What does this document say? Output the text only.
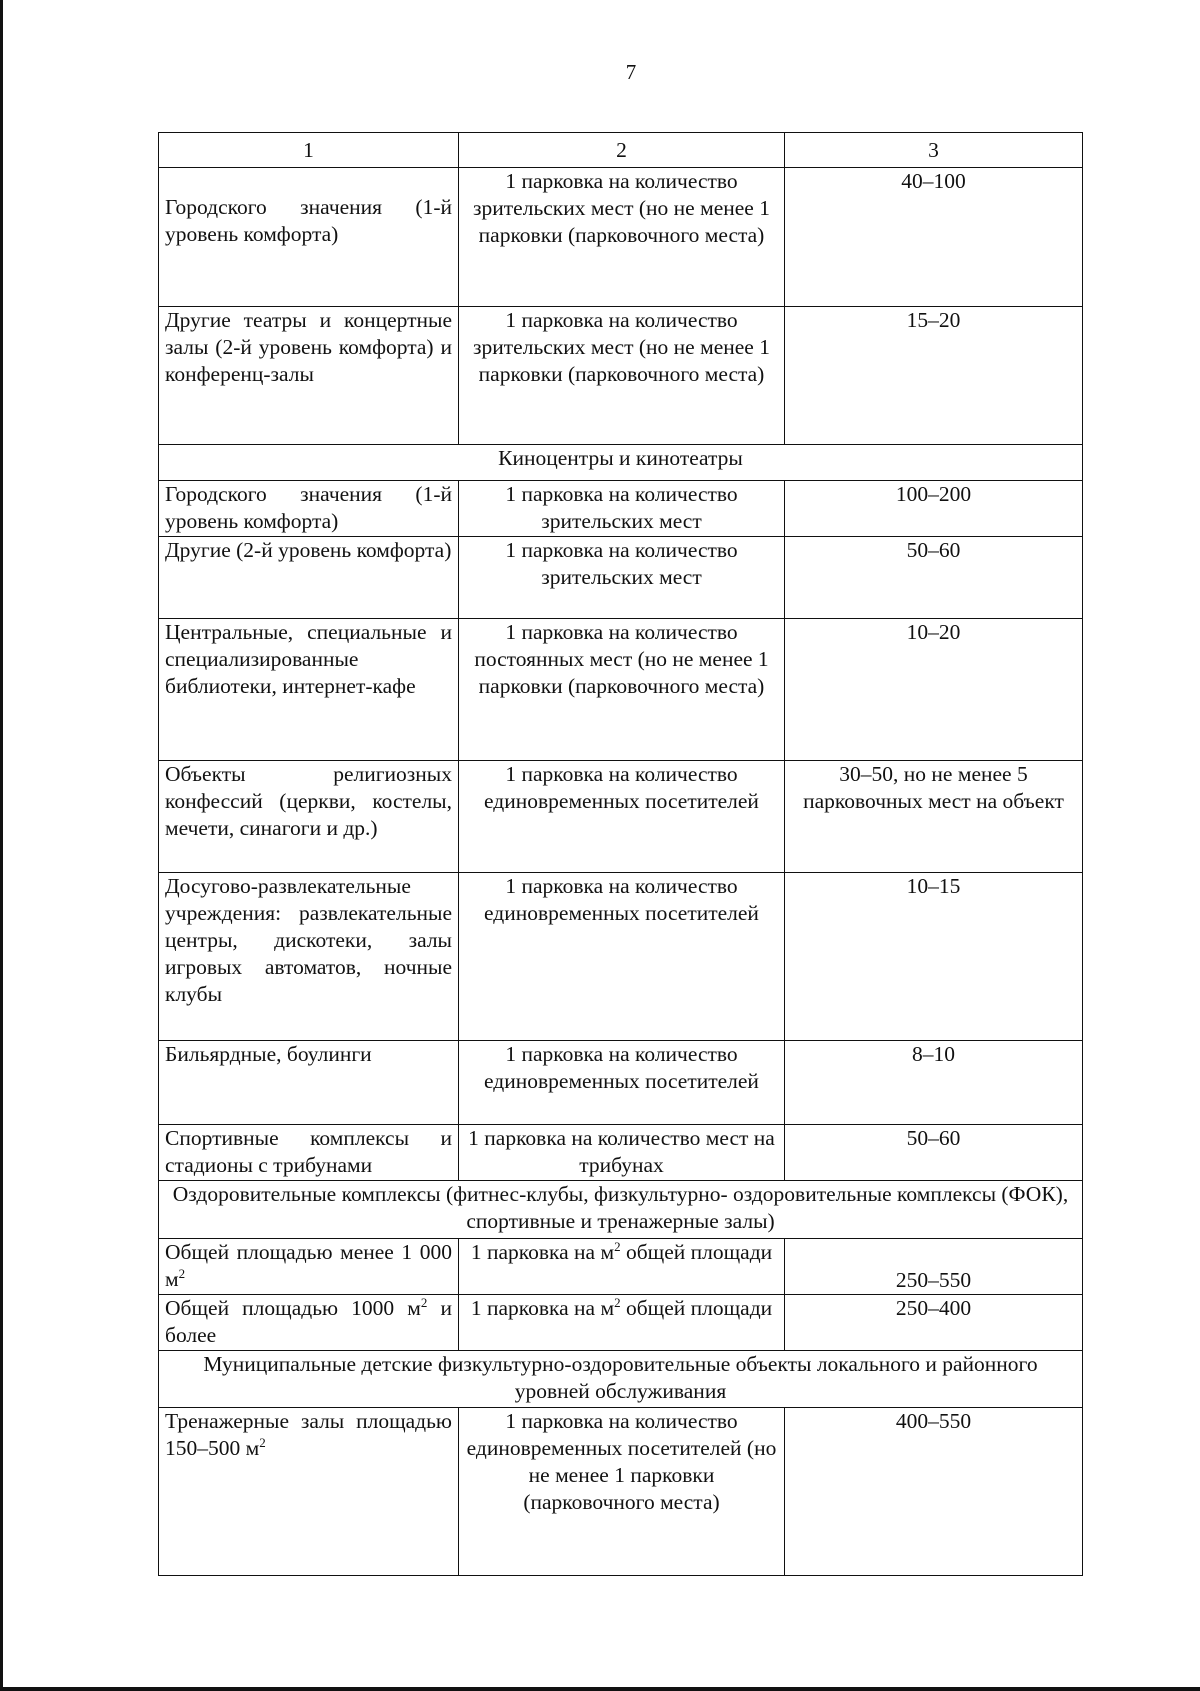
7
1	2	3

Городского значения (1-й уровень комфорта)	1 парковка на количество зрительских мест (но не менее 1 парковки (парковочного места)	40–100
Другие театры и концертные залы (2-й уровень комфорта) и конференц-залы	1 парковка на количество зрительских мест (но не менее 1 парковки (парковочного места)	15–20
Киноцентры и кинотеатры		
Городского значения (1-й уровень комфорта)	1 парковка на количество зрительских мест	100–200
Другие (2-й уровень комфорта)	1 парковка на количество зрительских мест	50–60
Центральные, специальные и специализированные библиотеки, интернет-кафе	1 парковка на количество постоянных мест (но не менее 1 парковки (парковочного места)	10–20
Объекты религиозных конфессий (церкви, костелы, мечети, синагоги и др.)	1 парковка на количество единовременных посетителей	30–50, но не менее 5 парковочных мест на объект
Досугово-развлекательные учреждения: развлекательные центры, дискотеки, залы игровых автоматов, ночные клубы	1 парковка на количество единовременных посетителей	10–15
Бильярдные, боулинги	1 парковка на количество единовременных посетителей	8–10
Спортивные комплексы и стадионы с трибунами	1 парковка на количество мест на трибунах	50–60
Оздоровительные комплексы (фитнес-клубы, физкультурно- оздоровительные комплексы (ФОК), спортивные и тренажерные залы)		
Общей площадью менее 1 000 $м^2$	1 парковка на $м^2$ общей площади	250–550
Общей площадью 1000 $м^2$ и более	1 парковка на $м^2$ общей площади	250–400
Муниципальные детские физкультурно-оздоровительные объекты локального и районного уровней обслуживания		
Тренажерные залы площадью 150–500 $м^2$	1 парковка на количество единовременных посетителей (но не менее 1 парковки (парковочного места)	400–550
